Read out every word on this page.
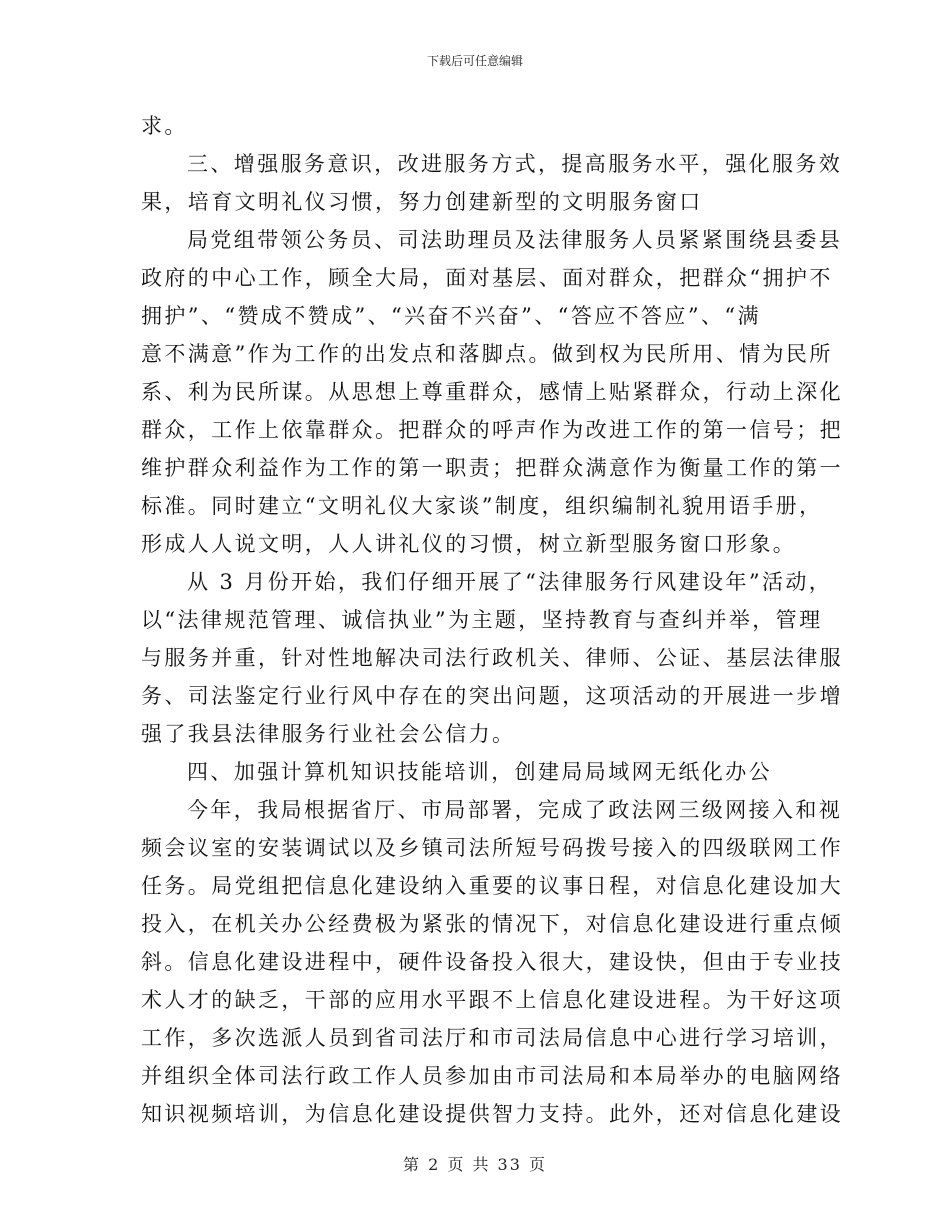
下载后可任意编辑
求。
三、增强服务意识，改进服务方式，提高服务水平，强化服务效
果，培育文明礼仪习惯，努力创建新型的文明服务窗口
局党组带领公务员、司法助理员及法律服务人员紧紧围绕县委县
政府的中心工作，顾全大局，面对基层、面对群众，把群众“拥护不
拥护”、“赞成不赞成”、“兴奋不兴奋”、“答应不答应”、“满
意不满意”作为工作的出发点和落脚点。做到权为民所用、情为民所
系、利为民所谋。从思想上尊重群众，感情上贴紧群众，行动上深化
群众，工作上依靠群众。把群众的呼声作为改进工作的第一信号；把
维护群众利益作为工作的第一职责；把群众满意作为衡量工作的第一
标准。同时建立“文明礼仪大家谈”制度，组织编制礼貌用语手册，
形成人人说文明，人人讲礼仪的习惯，树立新型服务窗口形象。
从 3 月份开始，我们仔细开展了“法律服务行风建设年”活动，
以“法律规范管理、诚信执业”为主题，坚持教育与查纠并举，管理
与服务并重，针对性地解决司法行政机关、律师、公证、基层法律服
务、司法鉴定行业行风中存在的突出问题，这项活动的开展进一步增
强了我县法律服务行业社会公信力。
四、加强计算机知识技能培训，创建局局域网无纸化办公
今年，我局根据省厅、市局部署，完成了政法网三级网接入和视
频会议室的安装调试以及乡镇司法所短号码拨号接入的四级联网工作
任务。局党组把信息化建设纳入重要的议事日程，对信息化建设加大
投入，在机关办公经费极为紧张的情况下，对信息化建设进行重点倾
斜。信息化建设进程中，硬件设备投入很大，建设快，但由于专业技
术人才的缺乏，干部的应用水平跟不上信息化建设进程。为干好这项
工作，多次选派人员到省司法厅和市司法局信息中心进行学习培训，
并组织全体司法行政工作人员参加由市司法局和本局举办的电脑网络
知识视频培训，为信息化建设提供智力支持。此外，还对信息化建设
第 2 页 共 33 页
